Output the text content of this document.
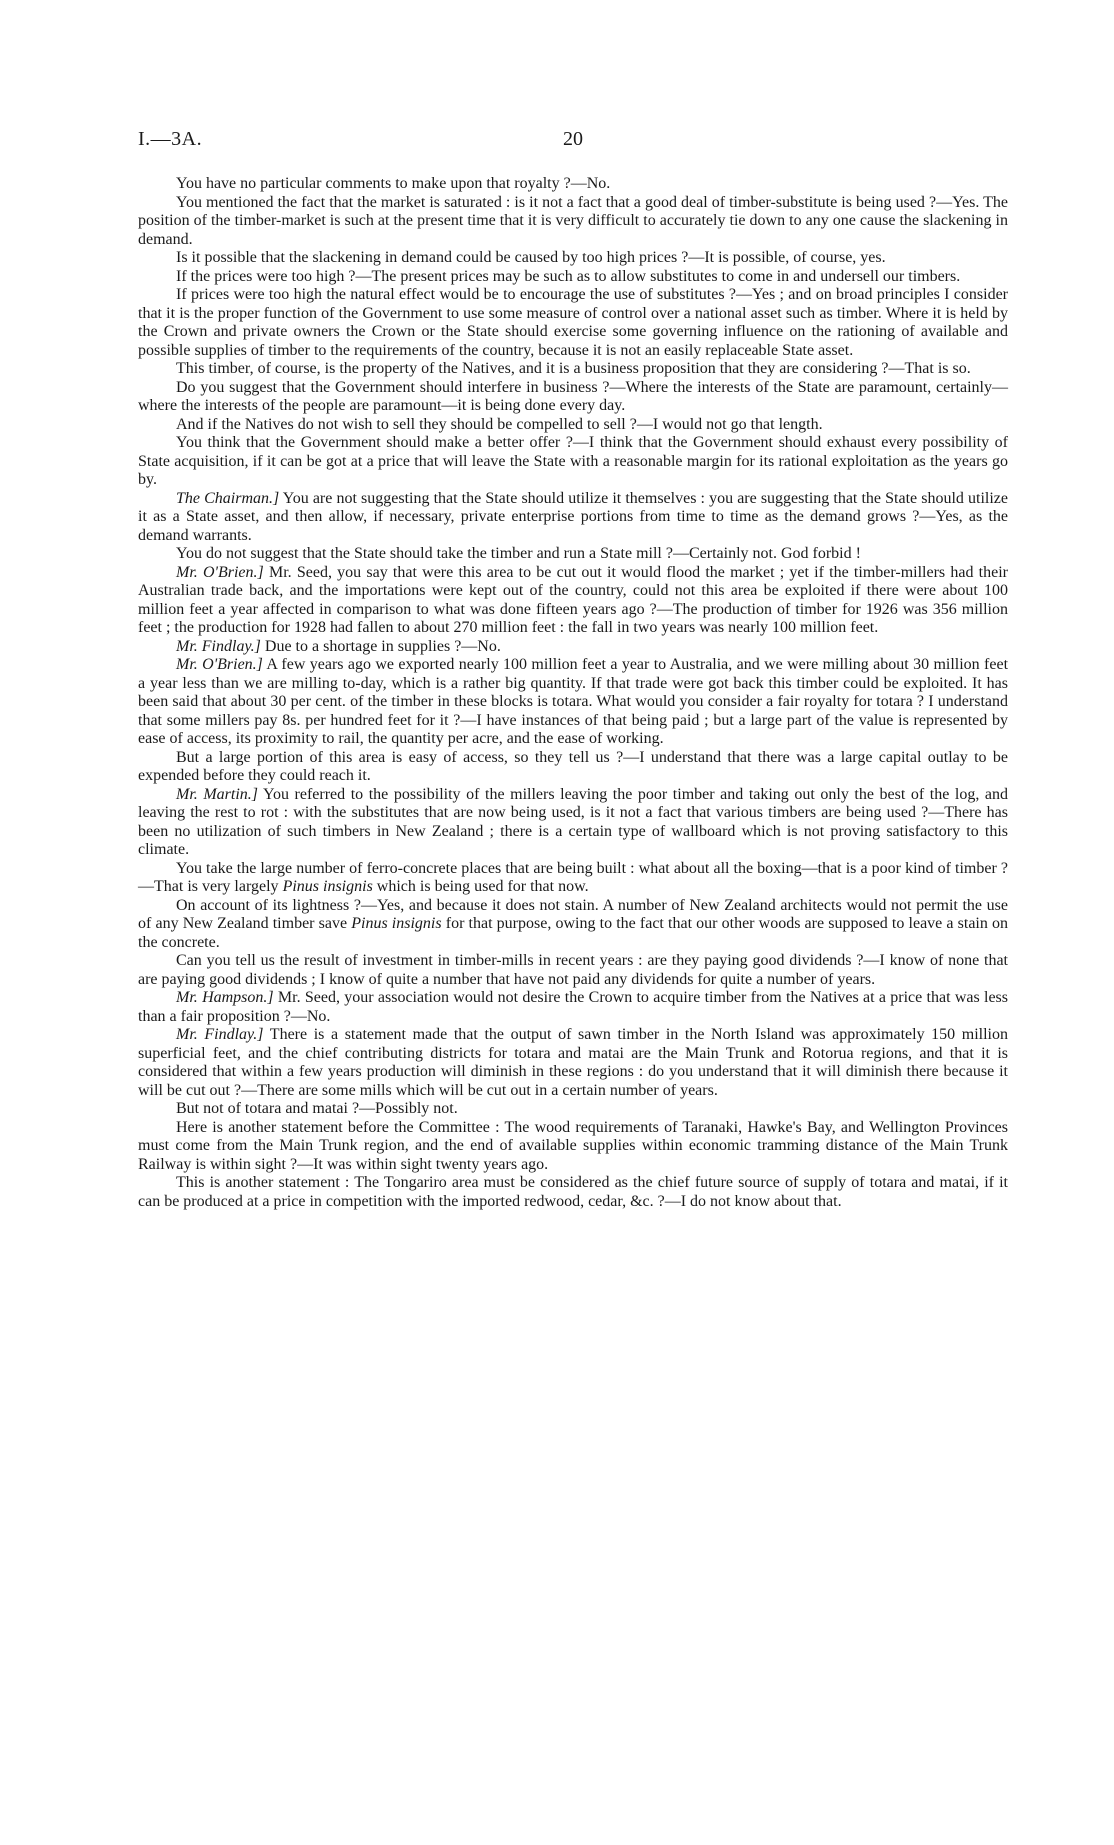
I.—3A.	20

You have no particular comments to make upon that royalty ?—No.

You mentioned the fact that the market is saturated : is it not a fact that a good deal of timber-substitute is being used ?—Yes. The position of the timber-market is such at the present time that it is very difficult to accurately tie down to any one cause the slackening in demand.

Is it possible that the slackening in demand could be caused by too high prices ?—It is possible, of course, yes.

If the prices were too high ?—The present prices may be such as to allow substitutes to come in and undersell our timbers.

If prices were too high the natural effect would be to encourage the use of substitutes ?—Yes ; and on broad principles I consider that it is the proper function of the Government to use some measure of control over a national asset such as timber. Where it is held by the Crown and private owners the Crown or the State should exercise some governing influence on the rationing of available and possible supplies of timber to the requirements of the country, because it is not an easily replaceable State asset.

This timber, of course, is the property of the Natives, and it is a business proposition that they are considering ?—That is so.

Do you suggest that the Government should interfere in business ?—Where the interests of the State are paramount, certainly—where the interests of the people are paramount—it is being done every day.

And if the Natives do not wish to sell they should be compelled to sell ?—I would not go that length.

You think that the Government should make a better offer ?—I think that the Government should exhaust every possibility of State acquisition, if it can be got at a price that will leave the State with a reasonable margin for its rational exploitation as the years go by.

The Chairman.] You are not suggesting that the State should utilize it themselves : you are suggesting that the State should utilize it as a State asset, and then allow, if necessary, private enterprise portions from time to time as the demand grows ?—Yes, as the demand warrants.

You do not suggest that the State should take the timber and run a State mill ?—Certainly not. God forbid !

Mr. O'Brien.] Mr. Seed, you say that were this area to be cut out it would flood the market ; yet if the timber-millers had their Australian trade back, and the importations were kept out of the country, could not this area be exploited if there were about 100 million feet a year affected in comparison to what was done fifteen years ago ?—The production of timber for 1926 was 356 million feet ; the production for 1928 had fallen to about 270 million feet : the fall in two years was nearly 100 million feet.

Mr. Findlay.] Due to a shortage in supplies ?—No.

Mr. O'Brien.] A few years ago we exported nearly 100 million feet a year to Australia, and we were milling about 30 million feet a year less than we are milling to-day, which is a rather big quantity. If that trade were got back this timber could be exploited. It has been said that about 30 per cent. of the timber in these blocks is totara. What would you consider a fair royalty for totara ? I understand that some millers pay 8s. per hundred feet for it ?—I have instances of that being paid ; but a large part of the value is represented by ease of access, its proximity to rail, the quantity per acre, and the ease of working.

But a large portion of this area is easy of access, so they tell us ?—I understand that there was a large capital outlay to be expended before they could reach it.

Mr. Martin.] You referred to the possibility of the millers leaving the poor timber and taking out only the best of the log, and leaving the rest to rot : with the substitutes that are now being used, is it not a fact that various timbers are being used ?—There has been no utilization of such timbers in New Zealand ; there is a certain type of wallboard which is not proving satisfactory to this climate.

You take the large number of ferro-concrete places that are being built : what about all the boxing—that is a poor kind of timber ?—That is very largely Pinus insignis which is being used for that now.

On account of its lightness ?—Yes, and because it does not stain. A number of New Zealand architects would not permit the use of any New Zealand timber save Pinus insignis for that purpose, owing to the fact that our other woods are supposed to leave a stain on the concrete.

Can you tell us the result of investment in timber-mills in recent years : are they paying good dividends ?—I know of none that are paying good dividends ; I know of quite a number that have not paid any dividends for quite a number of years.

Mr. Hampson.] Mr. Seed, your association would not desire the Crown to acquire timber from the Natives at a price that was less than a fair proposition ?—No.

Mr. Findlay.] There is a statement made that the output of sawn timber in the North Island was approximately 150 million superficial feet, and the chief contributing districts for totara and matai are the Main Trunk and Rotorua regions, and that it is considered that within a few years production will diminish in these regions : do you understand that it will diminish there because it will be cut out ?—There are some mills which will be cut out in a certain number of years.

But not of totara and matai ?—Possibly not.

Here is another statement before the Committee : The wood requirements of Taranaki, Hawke's Bay, and Wellington Provinces must come from the Main Trunk region, and the end of available supplies within economic tramming distance of the Main Trunk Railway is within sight ?—It was within sight twenty years ago.

This is another statement : The Tongariro area must be considered as the chief future source of supply of totara and matai, if it can be produced at a price in competition with the imported redwood, cedar, &c. ?—I do not know about that.
